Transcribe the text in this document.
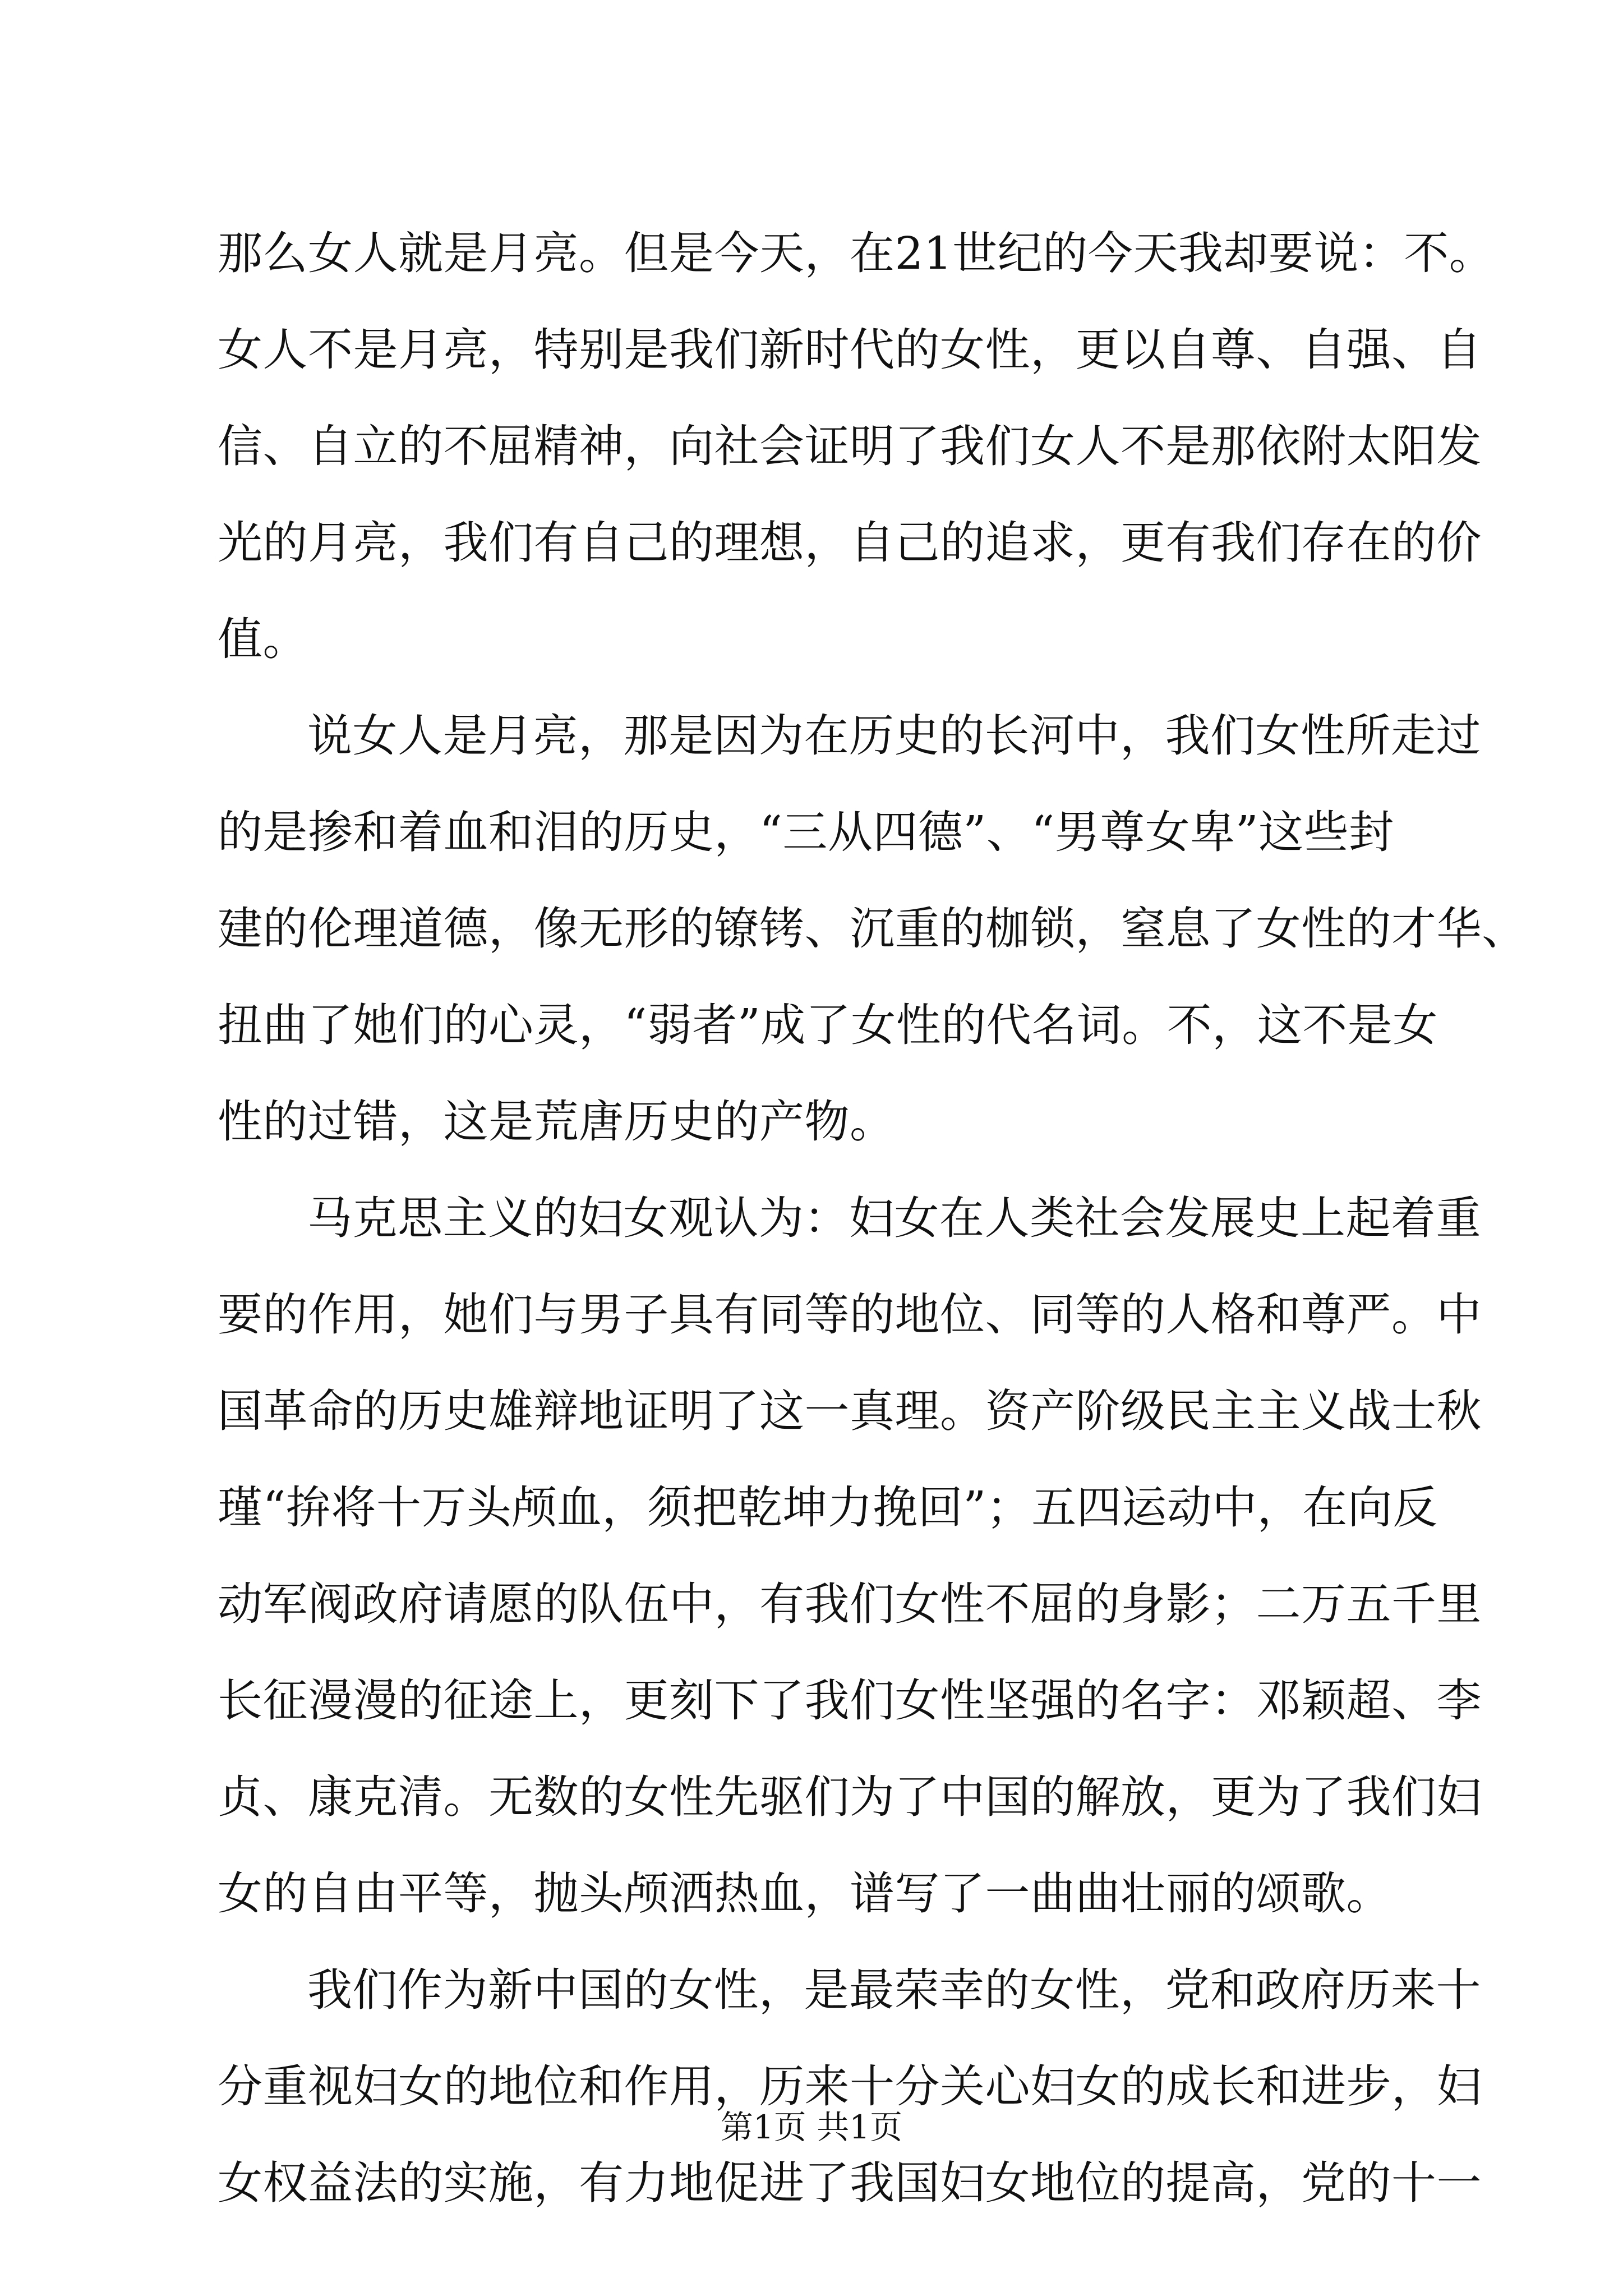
那么女人就是月亮。但是今天，在21世纪的今天我却要说：不。
女人不是月亮，特别是我们新时代的女性，更以自尊、自强、自
信、自立的不屈精神，向社会证明了我们女人不是那依附太阳发
光的月亮，我们有自己的理想，自己的追求，更有我们存在的价
值。
说女人是月亮，那是因为在历史的长河中，我们女性所走过
的是掺和着血和泪的历史，“三从四德”、“男尊女卑”这些封
建的伦理道德，像无形的镣铐、沉重的枷锁，窒息了女性的才华、
扭曲了她们的心灵，“弱者”成了女性的代名词。不，这不是女
性的过错，这是荒唐历史的产物。
马克思主义的妇女观认为：妇女在人类社会发展史上起着重
要的作用，她们与男子具有同等的地位、同等的人格和尊严。中
国革命的历史雄辩地证明了这一真理。资产阶级民主主义战士秋
瑾“拚将十万头颅血，须把乾坤力挽回”；五四运动中，在向反
动军阀政府请愿的队伍中，有我们女性不屈的身影；二万五千里
长征漫漫的征途上，更刻下了我们女性坚强的名字：邓颖超、李
贞、康克清。无数的女性先驱们为了中国的解放，更为了我们妇
女的自由平等，抛头颅洒热血，谱写了一曲曲壮丽的颂歌。
我们作为新中国的女性，是最荣幸的女性，党和政府历来十
分重视妇女的地位和作用，历来十分关心妇女的成长和进步，妇
女权益法的实施，有力地促进了我国妇女地位的提高，党的十一
第1页 共1页
